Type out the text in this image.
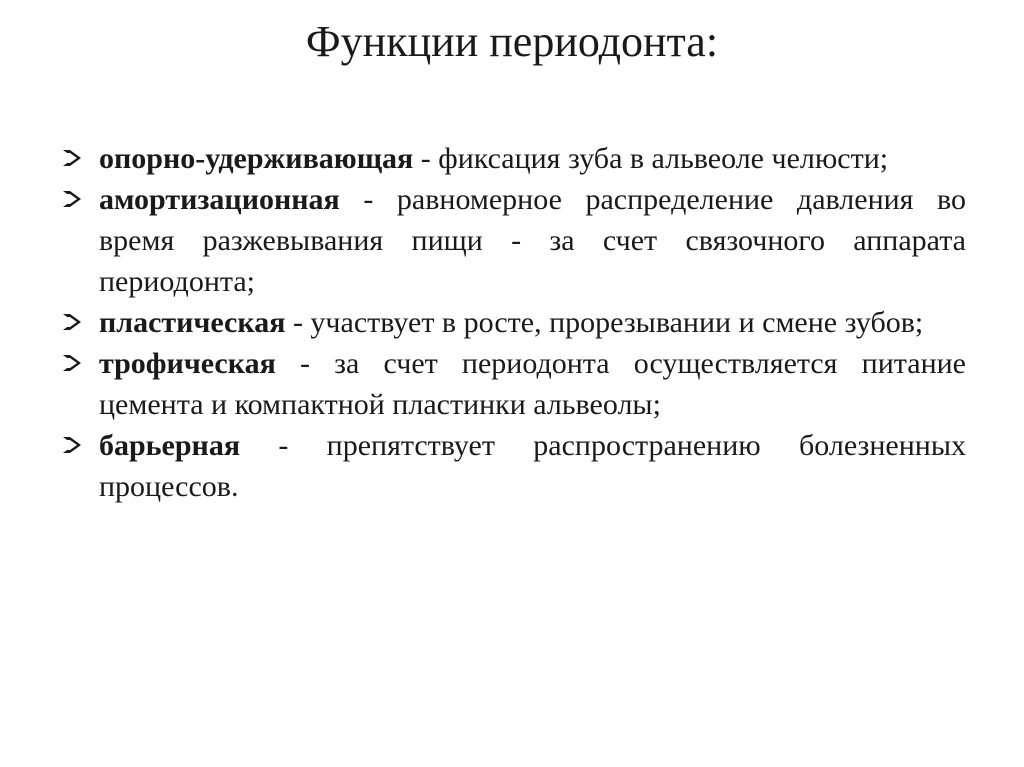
Функции периодонта:
опорно-удерживающая - фиксация зуба в альвеоле челюсти;
амортизационная - равномерное распределение давления во время разжевывания пищи - за счет связочного аппарата периодонта;
пластическая - участвует в росте, прорезывании и смене зубов;
трофическая - за счет периодонта осуществляется питание цемента и компактной пластинки альвеолы;
барьерная - препятствует распространению болезненных процессов.
